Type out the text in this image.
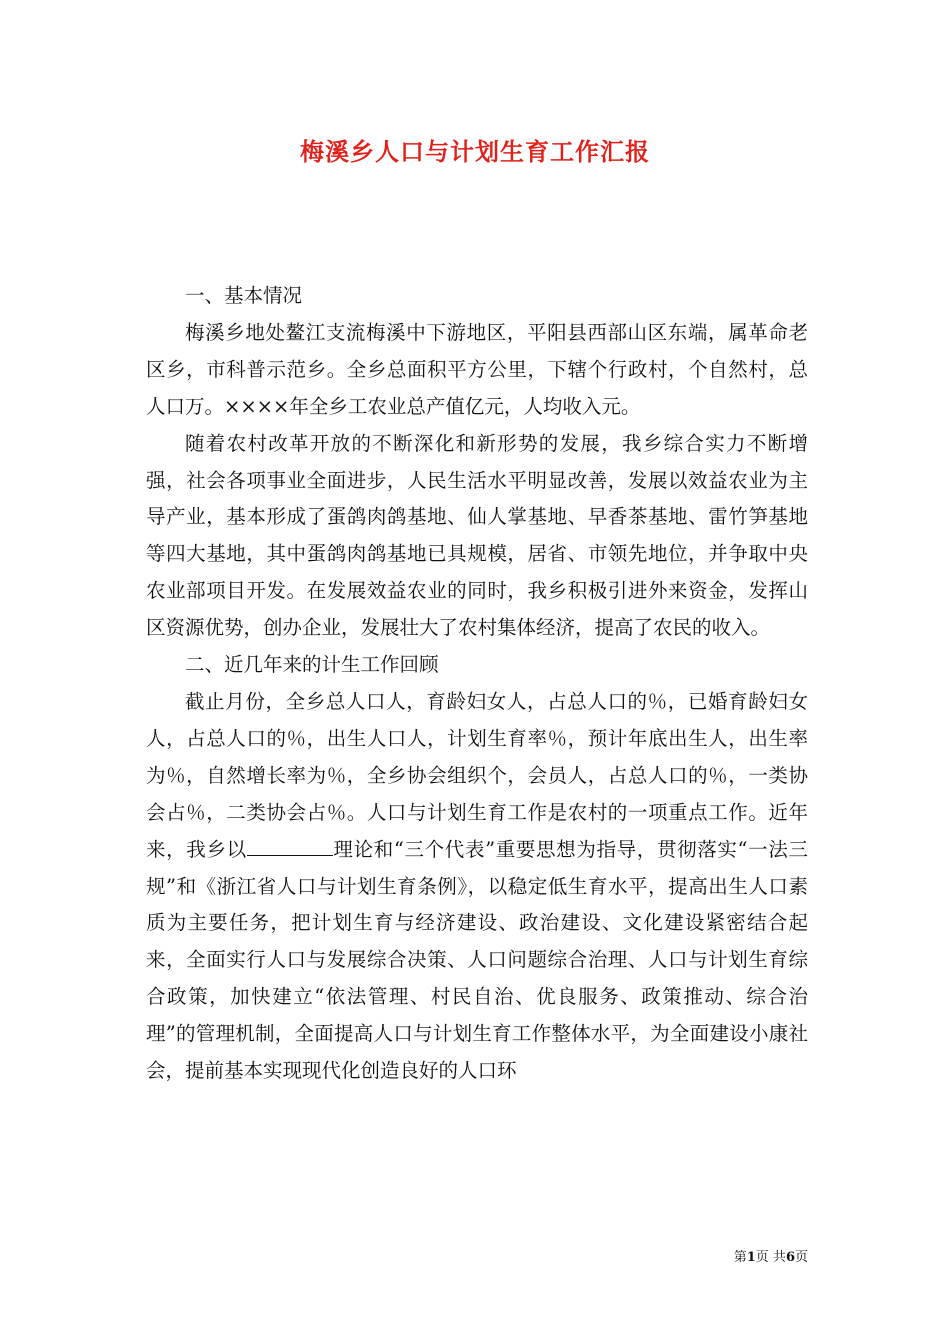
梅溪乡人口与计划生育工作汇报

一、基本情况

梅溪乡地处鳌江支流梅溪中下游地区，平阳县西部山区东端，属革命老区乡，市科普示范乡。全乡总面积平方公里，下辖个行政村，个自然村，总人口万。××××年全乡工农业总产值亿元，人均收入元。

随着农村改革开放的不断深化和新形势的发展，我乡综合实力不断增强，社会各项事业全面进步，人民生活水平明显改善，发展以效益农业为主导产业，基本形成了蛋鸽肉鸽基地、仙人掌基地、早香茶基地、雷竹笋基地等四大基地，其中蛋鸽肉鸽基地已具规模，居省、市领先地位，并争取中央农业部项目开发。在发展效益农业的同时，我乡积极引进外来资金，发挥山区资源优势，创办企业，发展壮大了农村集体经济，提高了农民的收入。

二、近几年来的计生工作回顾

截止月份，全乡总人口人，育龄妇女人，占总人口的％，已婚育龄妇女人，占总人口的％，出生人口人，计划生育率％，预计年底出生人，出生率为％，自然增长率为％，全乡协会组织个，会员人，占总人口的％，一类协会占％，二类协会占％。人口与计划生育工作是农村的一项重点工作。近年来，我乡以	理论和“三个代表”重要思想为指导，贯彻落实“一法三规”和《浙江省人口与计划生育条例》，以稳定低生育水平，提高出生人口素质为主要任务，把计划生育与经济建设、政治建设、文化建设紧密结合起来，全面实行人口与发展综合决策、人口问题综合治理、人口与计划生育综合政策，加快建立“依法管理、村民自治、优良服务、政策推动、综合治理”的管理机制，全面提高人口与计划生育工作整体水平，为全面建设小康社会，提前基本实现现代化创造良好的人口环

第1页 共6页
